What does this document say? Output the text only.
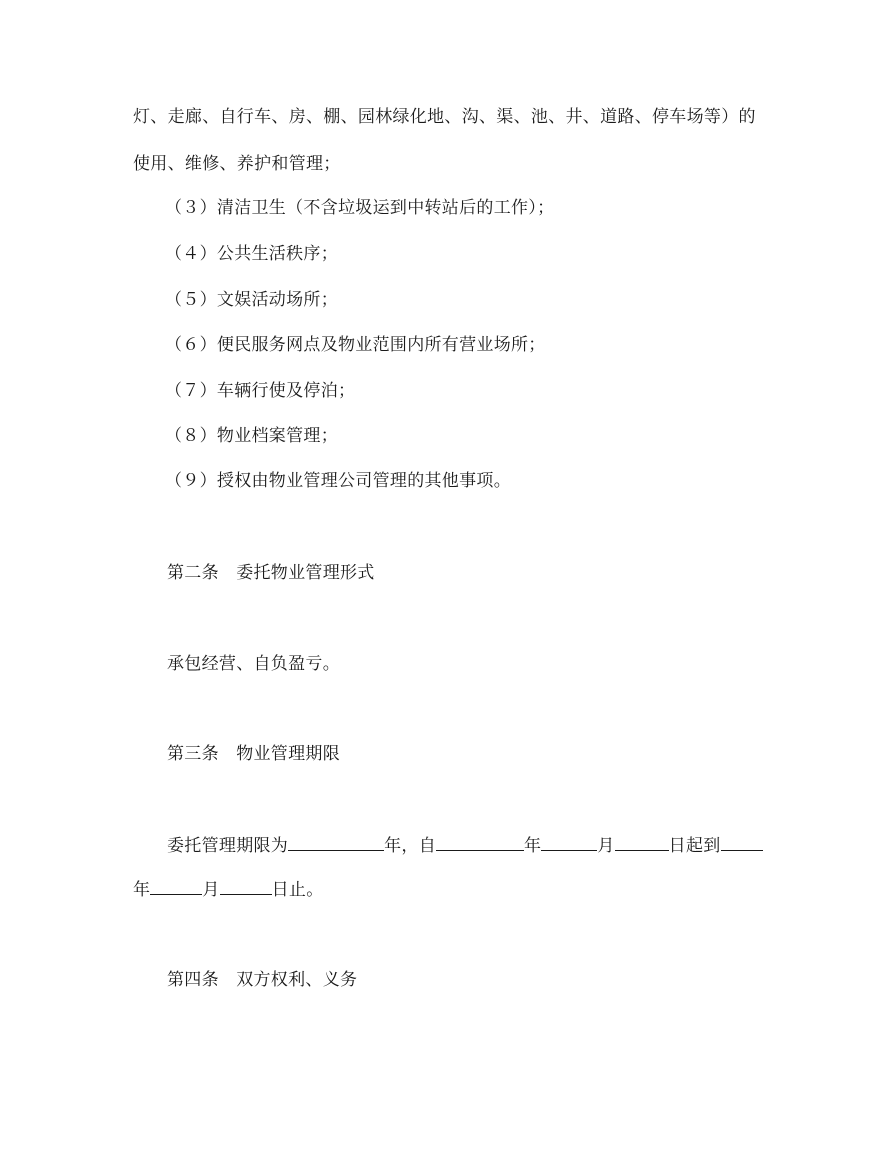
灯、走廊、自行车、房、棚、园林绿化地、沟、渠、池、井、道路、停车场等）的
使用、维修、养护和管理；
（３）清洁卫生（不含垃圾运到中转站后的工作）；
（４）公共生活秩序；
（５）文娱活动场所；
（６）便民服务网点及物业范围内所有营业场所；
（７）车辆行使及停泊；
（８）物业档案管理；
（９）授权由物业管理公司管理的其他事项。
第二条　委托物业管理形式
承包经营、自负盈亏。
第三条　物业管理期限
委托管理期限为	年，自	年	月	日起到
年	月	日止。
第四条　双方权利、义务
